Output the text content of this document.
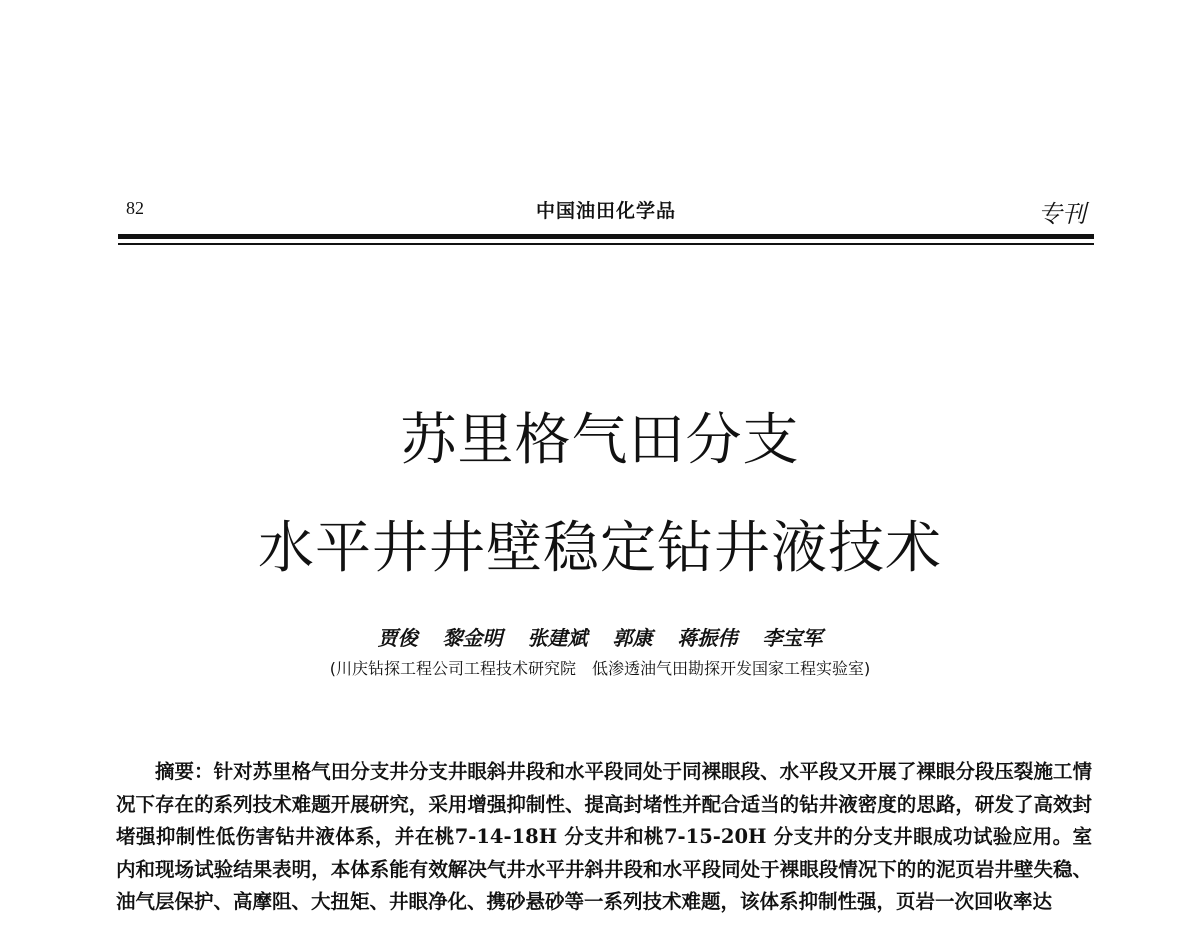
82	中国油田化学品	专刊
苏里格气田分支
水平井井壁稳定钻井液技术
贾俊 黎金明 张建斌 郭康 蒋振伟 李宝军
(川庆钻探工程公司工程技术研究院　低渗透油气田勘探开发国家工程实验室)
摘要：针对苏里格气田分支井分支井眼斜井段和水平段同处于同裸眼段、水平段又开展了裸眼分段压裂施工情况下存在的系列技术难题开展研究，采用增强抑制性、提高封堵性并配合适当的钻井液密度的思路，研发了高效封堵强抑制性低伤害钻井液体系，并在桃7-14-18H 分支井和桃7-15-20H 分支井的分支井眼成功试验应用。室内和现场试验结果表明，本体系能有效解决气井水平井斜井段和水平段同处于裸眼段情况下的的泥页岩井壁失稳、油气层保护、高摩阻、大扭矩、井眼净化、携砂悬砂等一系列技术难题，该体系抑制性强，页岩一次回收率达
